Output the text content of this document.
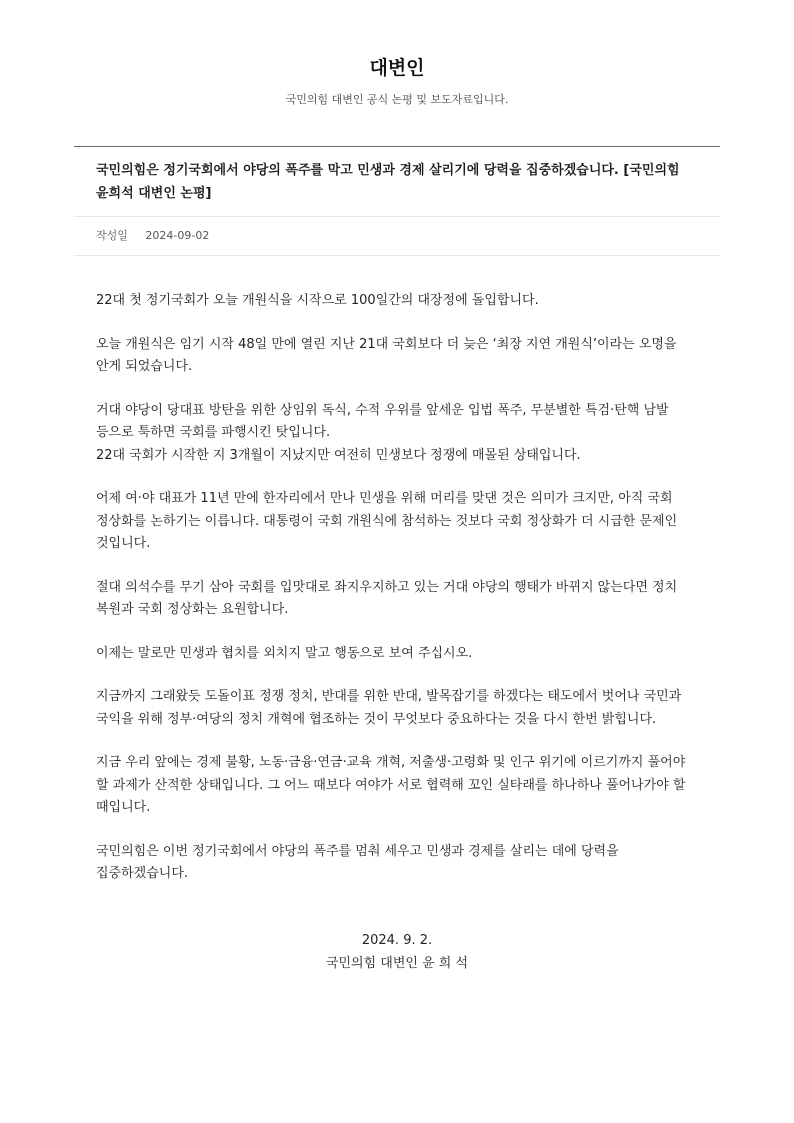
대변인
국민의힘 대변인 공식 논평 및 보도자료입니다.
국민의힘은 정기국회에서 야당의 폭주를 막고 민생과 경제 살리기에 당력을 집중하겠습니다. [국민의힘 윤희석 대변인 논평]
작성일 2024-09-02

22대 첫 정기국회가 오늘 개원식을 시작으로 100일간의 대장정에 돌입합니다.

오늘 개원식은 임기 시작 48일 만에 열린 지난 21대 국회보다 더 늦은 ‘최장 지연 개원식’이라는 오명을 안게 되었습니다.

거대 야당이 당대표 방탄을 위한 상임위 독식, 수적 우위를 앞세운 입법 폭주, 무분별한 특검·탄핵 남발 등으로 툭하면 국회를 파행시킨 탓입니다.
22대 국회가 시작한 지 3개월이 지났지만 여전히 민생보다 정쟁에 매몰된 상태입니다.

어제 여·야 대표가 11년 만에 한자리에서 만나 민생을 위해 머리를 맞댄 것은 의미가 크지만, 아직 국회 정상화를 논하기는 이릅니다. 대통령이 국회 개원식에 참석하는 것보다 국회 정상화가 더 시급한 문제인 것입니다.

절대 의석수를 무기 삼아 국회를 입맛대로 좌지우지하고 있는 거대 야당의 행태가 바뀌지 않는다면 정치 복원과 국회 정상화는 요원합니다.

이제는 말로만 민생과 협치를 외치지 말고 행동으로 보여 주십시오.

지금까지 그래왔듯 도돌이표 정쟁 정치, 반대를 위한 반대, 발목잡기를 하겠다는 태도에서 벗어나 국민과 국익을 위해 정부·여당의 정치 개혁에 협조하는 것이 무엇보다 중요하다는 것을 다시 한번 밝힙니다.

지금 우리 앞에는 경제 불황, 노동·금융·연금·교육 개혁, 저출생·고령화 및 인구 위기에 이르기까지 풀어야 할 과제가 산적한 상태입니다. 그 어느 때보다 여야가 서로 협력해 꼬인 실타래를 하나하나 풀어나가야 할 때입니다.

국민의힘은 이번 정기국회에서 야당의 폭주를 멈춰 세우고 민생과 경제를 살리는 데에 당력을 집중하겠습니다.

2024. 9. 2.
국민의힘 대변인 윤 희 석
